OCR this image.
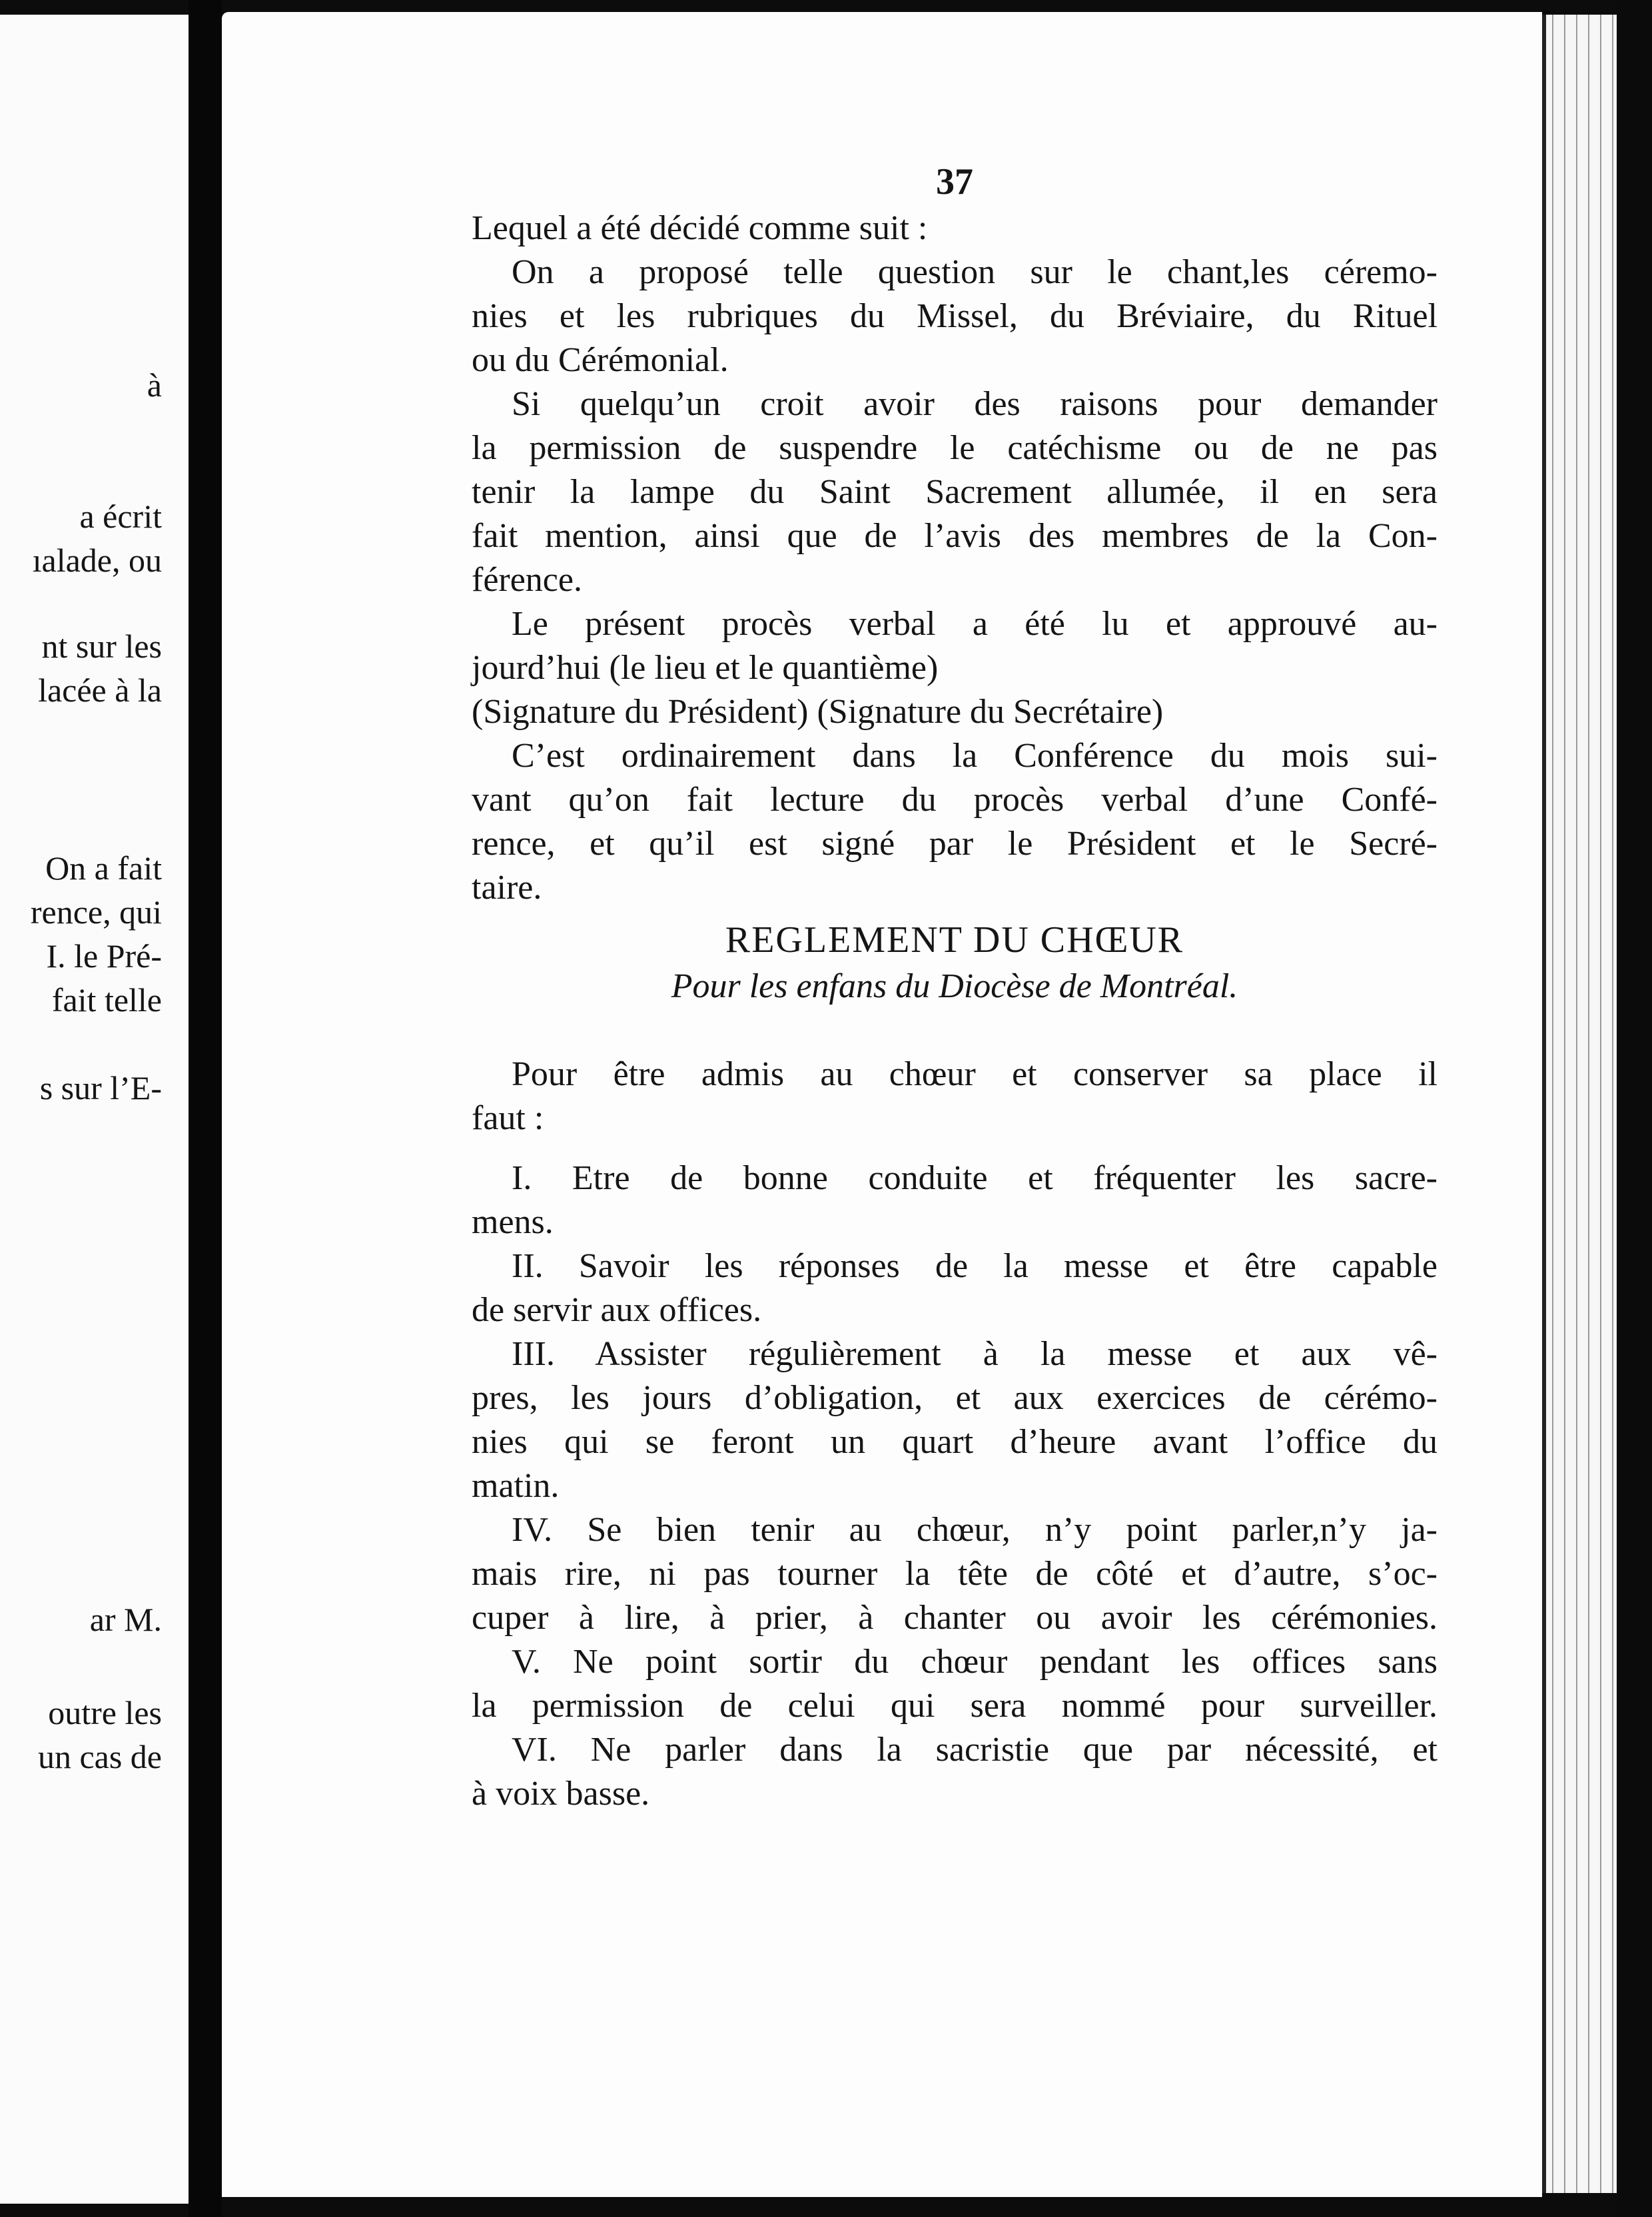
à

a écrit

ıalade, ou

nt sur les

lacée à la

On a fait

rence, qui

I. le Pré-

fait telle

s sur l’E-

ar M.

outre les

un cas de

37

Lequel a été décidé comme suit :

On a proposé telle question sur le chant,les céremo-

nies et les rubriques du Missel, du Bréviaire, du Rituel

ou du Cérémonial.

Si quelqu’un croit avoir des raisons pour demander

la permission de suspendre le catéchisme ou de ne pas

tenir la lampe du Saint Sacrement allumée, il en sera

fait mention, ainsi que de l’avis des membres de la Con-

férence.

Le présent procès verbal a été lu et approuvé au-

jourd’hui (le lieu et le quantième)

(Signature du Président) (Signature du Secrétaire)

C’est ordinairement dans la Conférence du mois sui-

vant qu’on fait lecture du procès verbal d’une Confé-

rence, et qu’il est signé par le Président et le Secré-

taire.

REGLEMENT DU CHŒUR

Pour les enfans du Diocèse de Montréal.

Pour être admis au chœur et conserver sa place il

faut :

I. Etre de bonne conduite et fréquenter les sacre-

mens.

II. Savoir les réponses de la messe et être capable

de servir aux offices.

III. Assister régulièrement à la messe et aux vê-

pres, les jours d’obligation, et aux exercices de cérémo-

nies qui se feront un quart d’heure avant l’office du

matin.

IV. Se bien tenir au chœur, n’y point parler,n’y ja-

mais rire, ni pas tourner la tête de côté et d’autre, s’oc-

cuper à lire, à prier, à chanter ou avoir les cérémonies.

V. Ne point sortir du chœur pendant les offices sans

la permission de celui qui sera nommé pour surveiller.

VI. Ne parler dans la sacristie que par nécessité, et

à voix basse.
